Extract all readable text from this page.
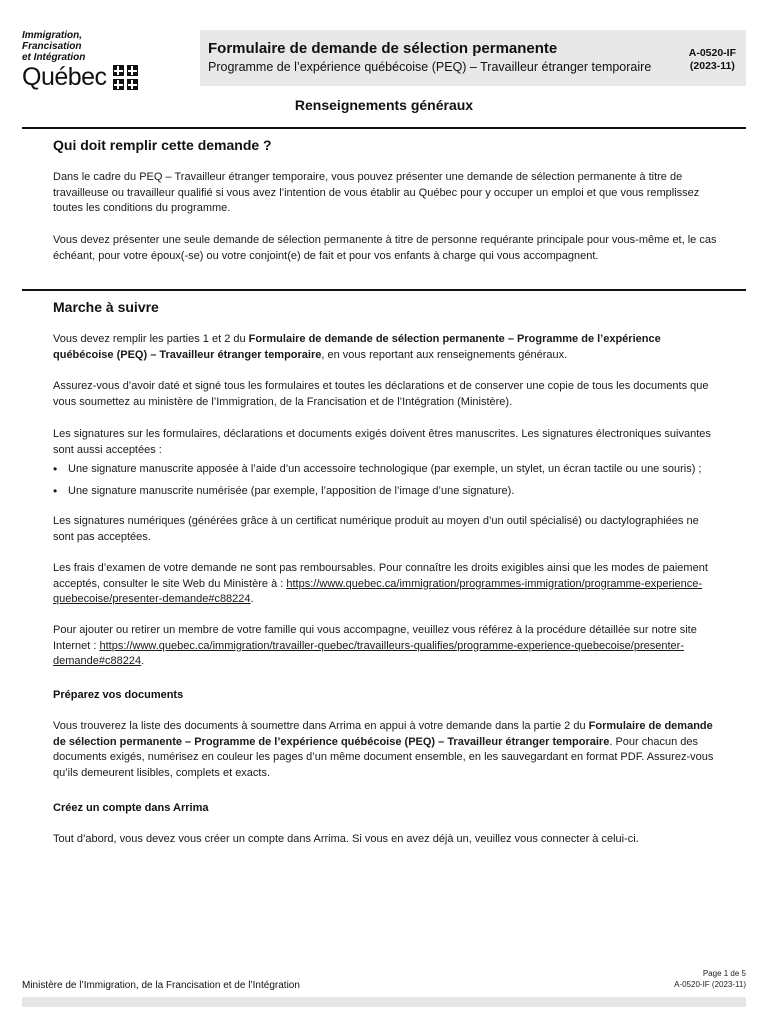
Immigration,
Francisation
et Intégration
Québec
Formulaire de demande de sélection permanente
Programme de l’expérience québécoise (PEQ) – Travailleur étranger temporaire
A-0520-IF
(2023-11)
Renseignements généraux
Qui doit remplir cette demande ?

Dans le cadre du PEQ – Travailleur étranger temporaire, vous pouvez présenter une demande de sélection permanente à titre de travailleuse ou travailleur qualifié si vous avez l’intention de vous établir au Québec pour y occuper un emploi et que vous remplissez toutes les conditions du programme.

Vous devez présenter une seule demande de sélection permanente à titre de personne requérante principale pour vous-même et, le cas échéant, pour votre époux(-se) ou votre conjoint(e) de fait et pour vos enfants à charge qui vous accompagnent.

Marche à suivre

Vous devez remplir les parties 1 et 2 du Formulaire de demande de sélection permanente – Programme de l’expérience québécoise (PEQ) – Travailleur étranger temporaire, en vous reportant aux renseignements généraux.

Assurez-vous d’avoir daté et signé tous les formulaires et toutes les déclarations et de conserver une copie de tous les documents que vous soumettez au ministère de l’Immigration, de la Francisation et de l’Intégration (Ministère).

Les signatures sur les formulaires, déclarations et documents exigés doivent êtres manuscrites. Les signatures électroniques suivantes sont aussi acceptées :

• Une signature manuscrite apposée à l’aide d’un accessoire technologique (par exemple, un stylet, un écran tactile ou une souris) ;
• Une signature manuscrite numérisée (par exemple, l’apposition de l’image d’une signature).

Les signatures numériques (générées grâce à un certificat numérique produit au moyen d’un outil spécialisé) ou dactylographiées ne sont pas acceptées.

Les frais d’examen de votre demande ne sont pas remboursables. Pour connaître les droits exigibles ainsi que les modes de paiement acceptés, consulter le site Web du Ministère à : https://www.quebec.ca/immigration/programmes-immigration/programme-experience-quebecoise/presenter-demande#c88224.

Pour ajouter ou retirer un membre de votre famille qui vous accompagne, veuillez vous référez à la procédure détaillée sur notre site Internet : https://www.quebec.ca/immigration/travailler-quebec/travailleurs-qualifies/programme-experience-quebecoise/presenter-demande#c88224.

Préparez vos documents

Vous trouverez la liste des documents à soumettre dans Arrima en appui à votre demande dans la partie 2 du Formulaire de demande de sélection permanente – Programme de l’expérience québécoise (PEQ) – Travailleur étranger temporaire. Pour chacun des documents exigés, numérisez en couleur les pages d’un même document ensemble, en les sauvegardant en format PDF. Assurez-vous qu’ils demeurent lisibles, complets et exacts.

Créez un compte dans Arrima

Tout d’abord, vous devez vous créer un compte dans Arrima. Si vous en avez déjà un, veuillez vous connecter à celui-ci.

Page 1 de 5
A-0520-IF (2023-11)
Ministère de l’Immigration, de la Francisation et de l’Intégration
